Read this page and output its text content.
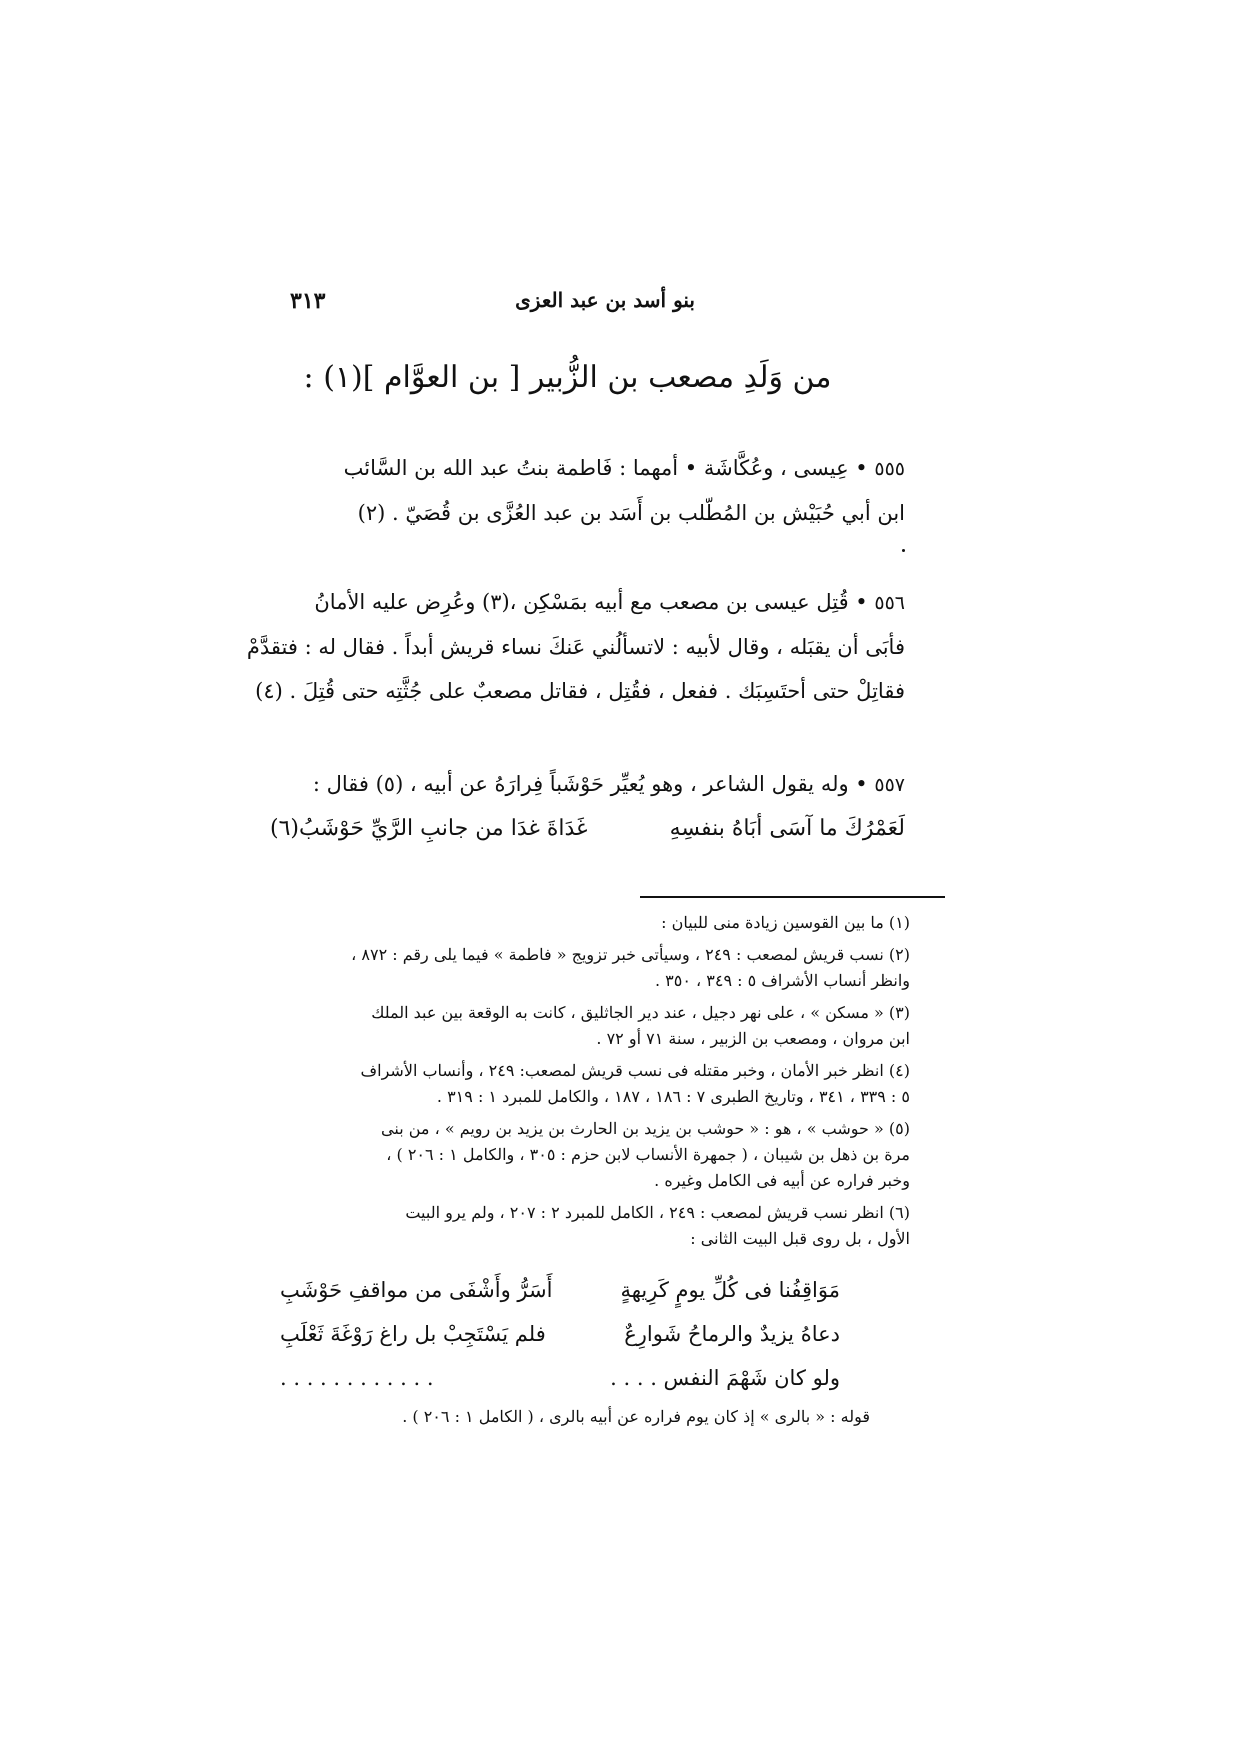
بنو أسد بن عبد العزى
٣١٣
من وَلَدِ مصعب بن الزُّبير [ بن العوَّام ](١) :
٥٥٥ • عِيسى ، وعُكَّاشَة • أمهما : فَاطمة بنتُ عبد الله بن السَّائب
ابن أبي حُبَيْش بن المُطّلب بن أَسَد بن عبد العُزَّى بن قُصَيّ . (٢)
٥٥٦ • قُتِل عيسى بن مصعب مع أبيه بمَسْكِن ،(٣) وعُرِض عليه الأمانُ
فأبَى أن يقبَله ، وقال لأبيه : لاتسألُني عَنكَ نساء قريش أبداً . فقال له : فتقدَّمْ
فقاتِلْ حتى أحتَسِبَك . ففعل ، فقُتِل ، فقاتل مصعبٌ على جُثَّتِه حتى قُتِلَ . (٤)
٥٥٧ • وله يقول الشاعر ، وهو يُعيِّر حَوْشَباً فِرارَهُ عن أبيه ، (٥) فقال :
لَعَمْرُكَ ما آسَى أبَاهُ بنفسِهِ
غَدَاةَ غدَا من جانبِ الرَّيِّ حَوْشَبُ(٦)
(١) ما بين القوسين زيادة منى للبيان :
(٢) نسب قريش لمصعب : ٢٤٩ ، وسيأتى خبر تزويج « فاطمة » فيما يلى رقم : ٨٧٢ ،
وانظر أنساب الأشراف ٥ : ٣٤٩ ، ٣٥٠ .
(٣) « مسكن » ، على نهر دجيل ، عند دير الجاثليق ، كانت به الوقعة بين عبد الملك
ابن مروان ، ومصعب بن الزبير ، سنة ٧١ أو ٧٢ .
(٤) انظر خبر الأمان ، وخبر مقتله فى نسب قريش لمصعب: ٢٤٩ ، وأنساب الأشراف
٥ : ٣٣٩ ، ٣٤١ ، وتاريخ الطبرى ٧ : ١٨٦ ، ١٨٧ ، والكامل للمبرد ١ : ٣١٩ .
(٥) « حوشب » ، هو : « حوشب بن يزيد بن الحارث بن يزيد بن رويم » ، من بنى
مرة بن ذهل بن شيبان ، ( جمهرة الأنساب لابن حزم : ٣٠٥ ، والكامل ١ : ٢٠٦ ) ،
وخبر فراره عن أبيه فى الكامل وغيره .
(٦) انظر نسب قريش لمصعب : ٢٤٩ ، الكامل للمبرد ٢ : ٢٠٧ ، ولم يرو البيت
الأول ، بل روى قبل البيت الثانى :
مَوَاقِفُنا فى كُلِّ يومٍ كَرِيهةٍ
أَسَرُّ وأَشْفَى من مواقفِ حَوْشَبِ
دعاهُ يزيدٌ والرماحُ شَوارِعٌ
فلم يَسْتَجِبْ بل راغ رَوْغَةَ ثَعْلَبِ
ولو كان شَهْمَ النفس . . . .
. . . . . . . . . . . .
قوله : « بالرى » إذ كان يوم فراره عن أبيه بالرى ، ( الكامل ١ : ٢٠٦ ) .
